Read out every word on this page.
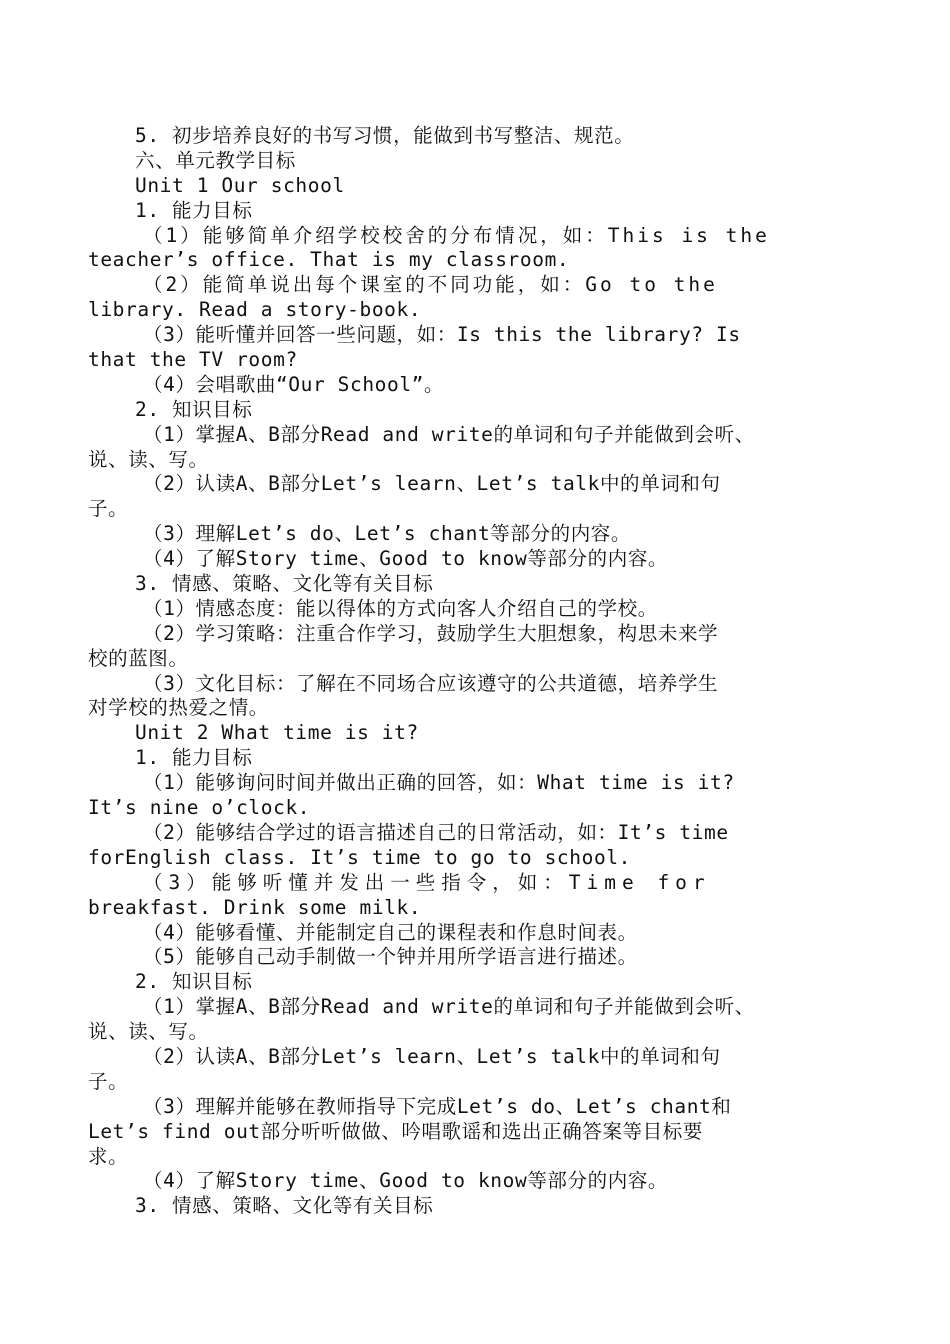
5. 初步培养良好的书写习惯，能做到书写整洁、规范。
六、单元教学目标
Unit 1 Our school
1. 能力目标
（1）能够简单介绍学校校舍的分布情况，如：This is the
teacher’s office. That is my classroom.
（2）能简单说出每个课室的不同功能，如：Go to the
library. Read a story-book.
（3）能听懂并回答一些问题，如：Is this the library? Is
that the TV room?
（4）会唱歌曲“Our School”。
2. 知识目标
（1）掌握A、B部分Read and write的单词和句子并能做到会听、
说、读、写。
（2）认读A、B部分Let’s learn、Let’s talk中的单词和句
子。
（3）理解Let’s do、Let’s chant等部分的内容。
（4）了解Story time、Good to know等部分的内容。
3. 情感、策略、文化等有关目标
（1）情感态度：能以得体的方式向客人介绍自己的学校。
（2）学习策略：注重合作学习，鼓励学生大胆想象，构思未来学
校的蓝图。
（3）文化目标：了解在不同场合应该遵守的公共道德，培养学生
对学校的热爱之情。
Unit 2 What time is it?
1. 能力目标
（1）能够询问时间并做出正确的回答，如：What time is it?
It’s nine o’clock.
（2）能够结合学过的语言描述自己的日常活动，如：It’s time
forEnglish class. It’s time to go to school.
（3）能够听懂并发出一些指令，如：Time for
breakfast. Drink some milk.
（4）能够看懂、并能制定自己的课程表和作息时间表。
（5）能够自己动手制做一个钟并用所学语言进行描述。
2. 知识目标
（1）掌握A、B部分Read and write的单词和句子并能做到会听、
说、读、写。
（2）认读A、B部分Let’s learn、Let’s talk中的单词和句
子。
（3）理解并能够在教师指导下完成Let’s do、Let’s chant和
Let’s find out部分听听做做、吟唱歌谣和选出正确答案等目标要
求。
（4）了解Story time、Good to know等部分的内容。
3. 情感、策略、文化等有关目标
